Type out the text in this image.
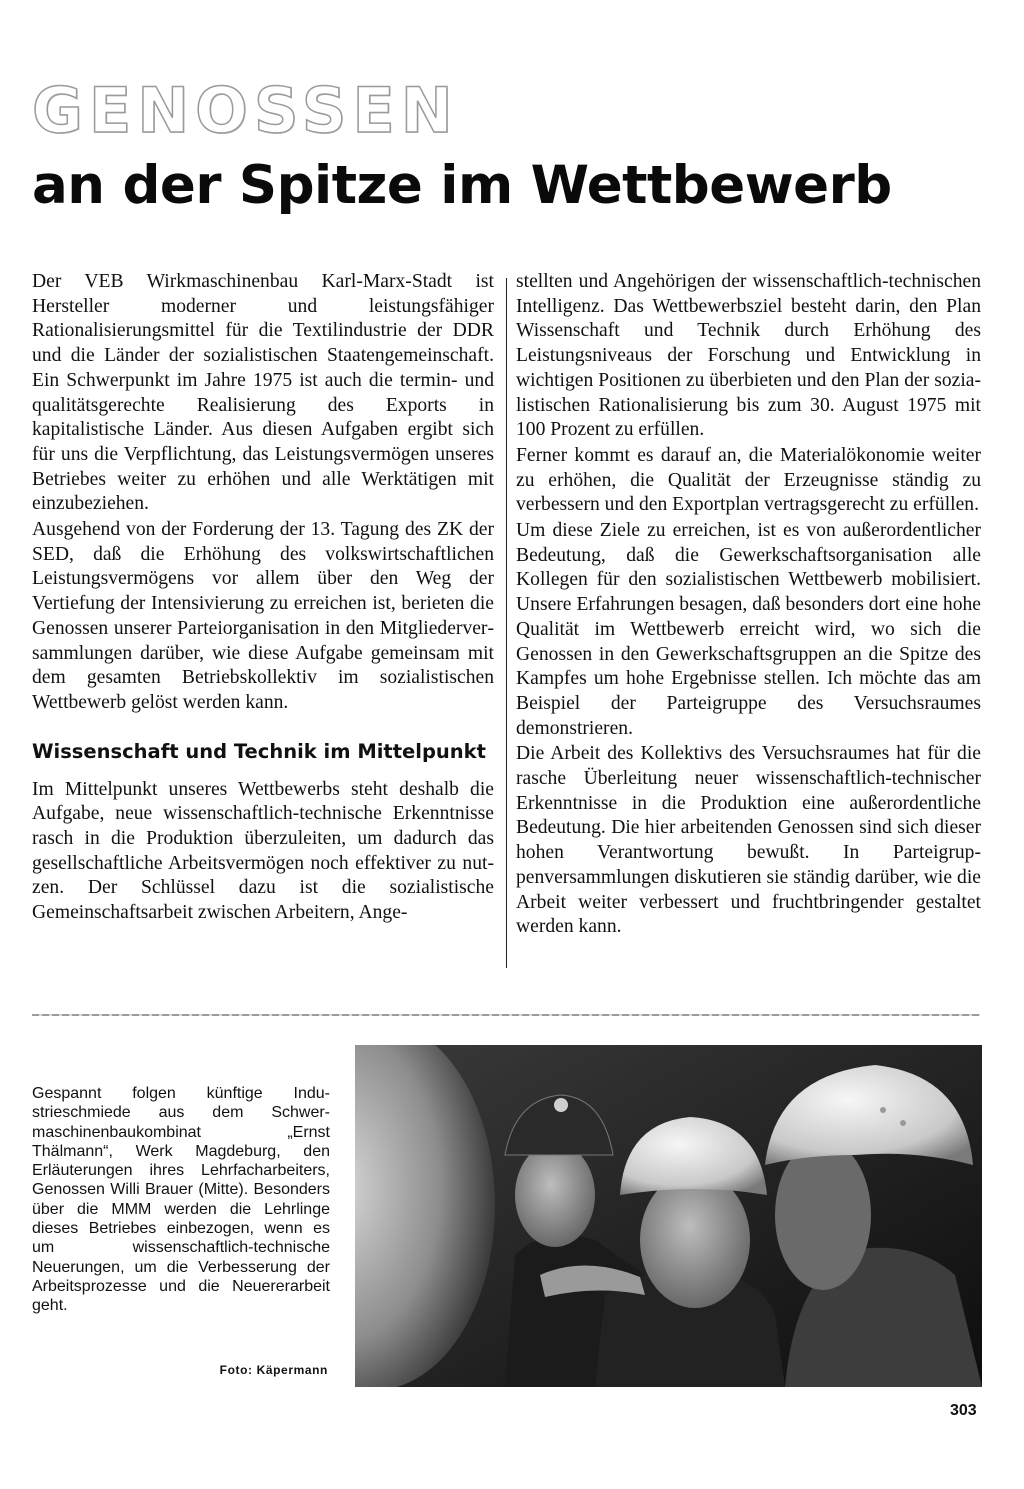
GENOSSEN
an der Spitze im Wettbewerb

Der VEB Wirkmaschinenbau Karl-Marx-Stadt ist Hersteller moderner und leistungsfähiger Rationalisierungsmittel für die Textilindustrie der DDR und die Länder der sozialistischen Staatengemeinschaft. Ein Schwerpunkt im Jahre 1975 ist auch die termin- und qualitätsgerechte Realisierung des Exports in kapitalistische Länder. Aus diesen Aufgaben ergibt sich für uns die Verpflichtung, das Leistungsvermögen unseres Betriebes weiter zu erhöhen und alle Werktätigen mit einzubeziehen.

Ausgehend von der Forderung der 13. Tagung des ZK der SED, daß die Erhöhung des volkswirtschaftlichen Leistungsvermögens vor allem über den Weg der Vertiefung der Intensivierung zu erreichen ist, berieten die Genossen unserer Parteiorganisation in den Mitgliederversammlungen darüber, wie diese Aufgabe gemeinsam mit dem gesamten Betriebskollektiv im sozialistischen Wettbewerb gelöst werden kann.

Wissenschaft und Technik im Mittelpunkt

Im Mittelpunkt unseres Wettbewerbs steht deshalb die Aufgabe, neue wissenschaftlich-technische Erkenntnisse rasch in die Produktion überzuleiten, um dadurch das gesellschaftliche Arbeitsvermögen noch effektiver zu nutzen. Der Schlüssel dazu ist die sozialistische Gemeinschaftsarbeit zwischen Arbeitern, Ange-

stellten und Angehörigen der wissenschaftlich-technischen Intelligenz. Das Wettbewerbsziel besteht darin, den Plan Wissenschaft und Technik durch Erhöhung des Leistungsniveaus der Forschung und Entwicklung in wichtigen Positionen zu überbieten und den Plan der sozialistischen Rationalisierung bis zum 30. August 1975 mit 100 Prozent zu erfüllen.

Ferner kommt es darauf an, die Materialökonomie weiter zu erhöhen, die Qualität der Erzeugnisse ständig zu verbessern und den Exportplan vertragsgerecht zu erfüllen.

Um diese Ziele zu erreichen, ist es von außerordentlicher Bedeutung, daß die Gewerkschaftsorganisation alle Kollegen für den sozialistischen Wettbewerb mobilisiert. Unsere Erfahrungen besagen, daß besonders dort eine hohe Qualität im Wettbewerb erreicht wird, wo sich die Genossen in den Gewerkschaftsgruppen an die Spitze des Kampfes um hohe Ergebnisse stellen. Ich möchte das am Beispiel der Parteigruppe des Versuchsraumes demonstrieren.

Die Arbeit des Kollektivs des Versuchsraumes hat für die rasche Überleitung neuer wissenschaftlich-technischer Erkenntnisse in die Produktion eine außerordentliche Bedeutung. Die hier arbeitenden Genossen sind sich dieser hohen Verantwortung bewußt. In Parteigruppenversammlungen diskutieren sie ständig darüber, wie die Arbeit weiter verbessert und fruchtbringender gestaltet werden kann.

Gespannt folgen künftige Industrieschmiede aus dem Schwermaschinenbaukombinat „Ernst Thälmann“, Werk Magdeburg, den Erläuterungen ihres Lehrfacharbeiters, Genossen Willi Brauer (Mitte). Besonders über die MMM werden die Lehrlinge dieses Betriebes einbezogen, wenn es um wissenschaftlich-technische Neuerungen, um die Verbesserung der Arbeitsprozesse und die Neuererarbeit geht.
Foto: Käpermann
303
